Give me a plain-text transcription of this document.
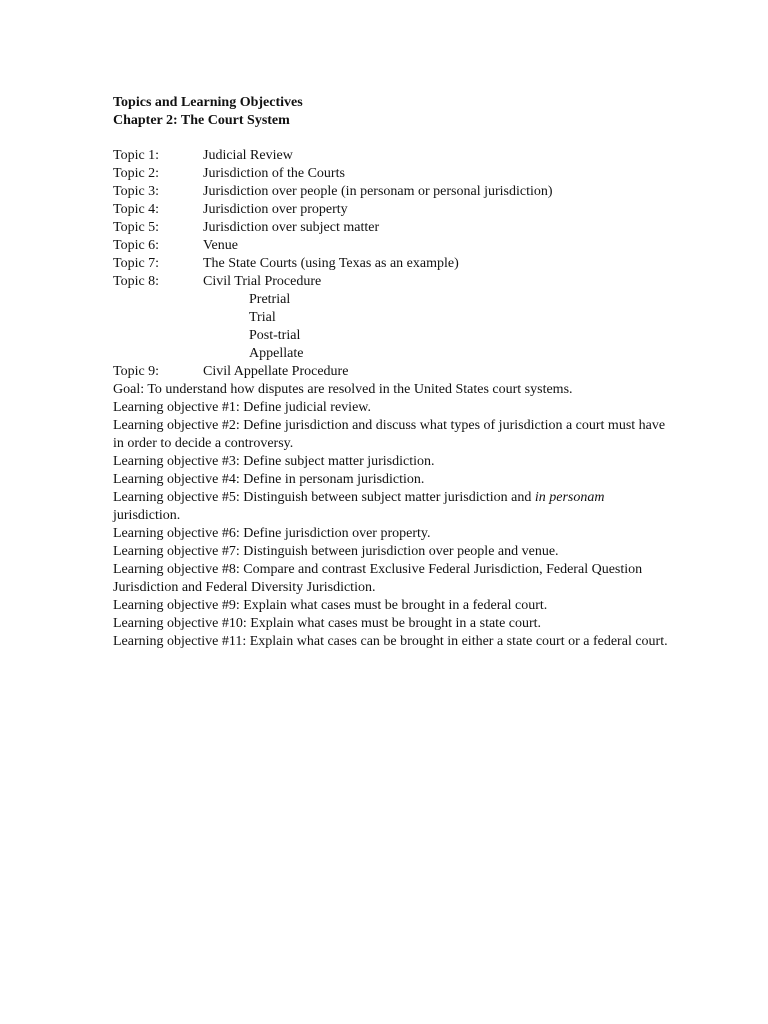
Topics and Learning Objectives

Chapter 2: The Court System

Topic 1:	Judicial Review
Topic 2:	Jurisdiction of the Courts
Topic 3:	Jurisdiction over people (in personam or personal jurisdiction)
Topic 4:	Jurisdiction over property
Topic 5:	Jurisdiction over subject matter
Topic 6:	Venue
Topic 7:	The State Courts (using Texas as an example)
Topic 8:	Civil Trial Procedure
Pretrial
Trial
Post-trial
Appellate
Topic 9:	Civil Appellate Procedure

Goal: To understand how disputes are resolved in the United States court systems.

Learning objective #1: Define judicial review.

Learning objective #2: Define jurisdiction and discuss what types of jurisdiction a court must have in order to decide a controversy.

Learning objective #3: Define subject matter jurisdiction.

Learning objective #4: Define in personam jurisdiction.

Learning objective #5: Distinguish between subject matter jurisdiction and in personam jurisdiction.

Learning objective #6: Define jurisdiction over property.

Learning objective #7: Distinguish between jurisdiction over people and venue.

Learning objective #8: Compare and contrast Exclusive Federal Jurisdiction, Federal Question Jurisdiction and Federal Diversity Jurisdiction.

Learning objective #9: Explain what cases must be brought in a federal court.

Learning objective #10: Explain what cases must be brought in a state court.

Learning objective #11: Explain what cases can be brought in either a state court or a federal court.
